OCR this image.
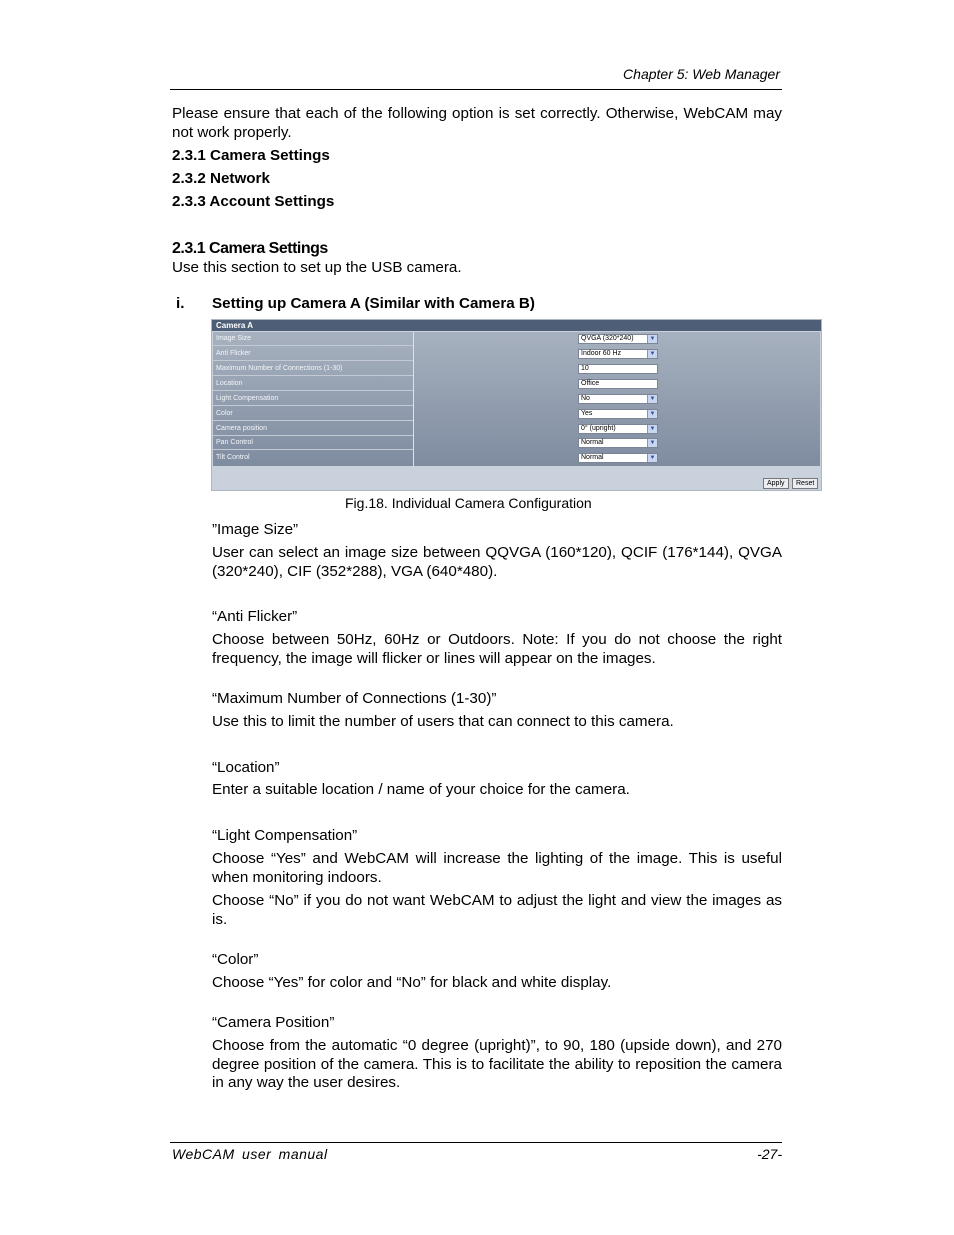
Chapter 5: Web Manager
Please ensure that each of the following option is set correctly. Otherwise, WebCAM may not work properly.
2.3.1 Camera Settings
2.3.2 Network
2.3.3 Account Settings
2.3.1 Camera Settings
Use this section to set up the USB camera.
i. Setting up Camera A (Similar with Camera B)
Camera A
Image Size	QVGA (320*240)	▼
Anti Flicker	Indoor 60 Hz	▼
Maximum Number of Connections (1-30)	10
Location	Office
Light Compensation	No	▼
Color	Yes	▼
Camera position	0° (upright)	▼
Pan Control	Normal	▼
Tilt Control	Normal	▼
Apply	Reset
Fig.18. Individual Camera Configuration
”Image Size”
User can select an image size between QQVGA (160*120), QCIF (176*144), QVGA (320*240), CIF (352*288), VGA (640*480).
“Anti Flicker”
Choose between 50Hz, 60Hz or Outdoors. Note: If you do not choose the right frequency, the image will flicker or lines will appear on the images.
“Maximum Number of Connections (1-30)”
Use this to limit the number of users that can connect to this camera.
“Location”
Enter a suitable location / name of your choice for the camera.
“Light Compensation”
Choose “Yes” and WebCAM will increase the lighting of the image. This is useful when monitoring indoors.
Choose “No” if you do not want WebCAM to adjust the light and view the images as is.
“Color”
Choose “Yes” for color and “No” for black and white display.
“Camera Position”
Choose from the automatic “0 degree (upright)”, to 90, 180 (upside down), and 270 degree position of the camera. This is to facilitate the ability to reposition the camera in any way the user desires.
WebCAM user manual	-27-
